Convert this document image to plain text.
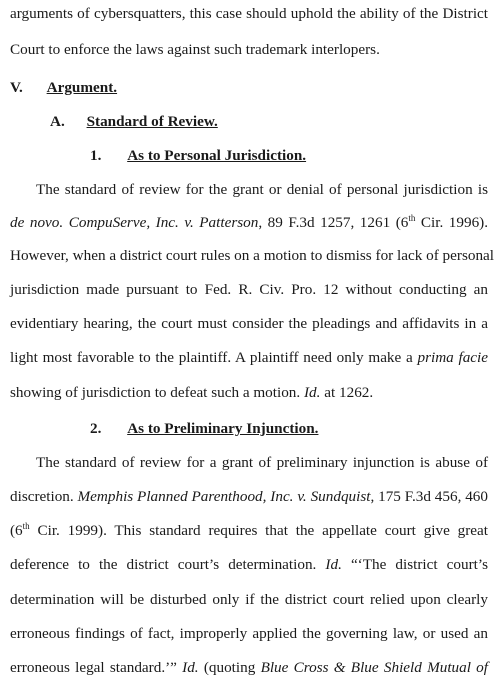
arguments of cybersquatters, this case should uphold the ability of the District
Court to enforce the laws against such trademark interlopers.
V. Argument.
A. Standard of Review.
1. As to Personal Jurisdiction.
The standard of review for the grant or denial of personal jurisdiction is
de novo. CompuServe, Inc. v. Patterson, 89 F.3d 1257, 1261 (6th Cir. 1996).
However, when a district court rules on a motion to dismiss for lack of personal
jurisdiction made pursuant to Fed. R. Civ. Pro. 12 without conducting an
evidentiary hearing, the court must consider the pleadings and affidavits in a
light most favorable to the plaintiff. A plaintiff need only make a prima facie
showing of jurisdiction to defeat such a motion. Id. at 1262.
2. As to Preliminary Injunction.
The standard of review for a grant of preliminary injunction is abuse of
discretion. Memphis Planned Parenthood, Inc. v. Sundquist, 175 F.3d 456, 460
(6th Cir. 1999). This standard requires that the appellate court give great
deference to the district court’s determination. Id. “‘The district court’s
determination will be disturbed only if the district court relied upon clearly
erroneous findings of fact, improperly applied the governing law, or used an
erroneous legal standard.’” Id. (quoting Blue Cross & Blue Shield Mutual of
